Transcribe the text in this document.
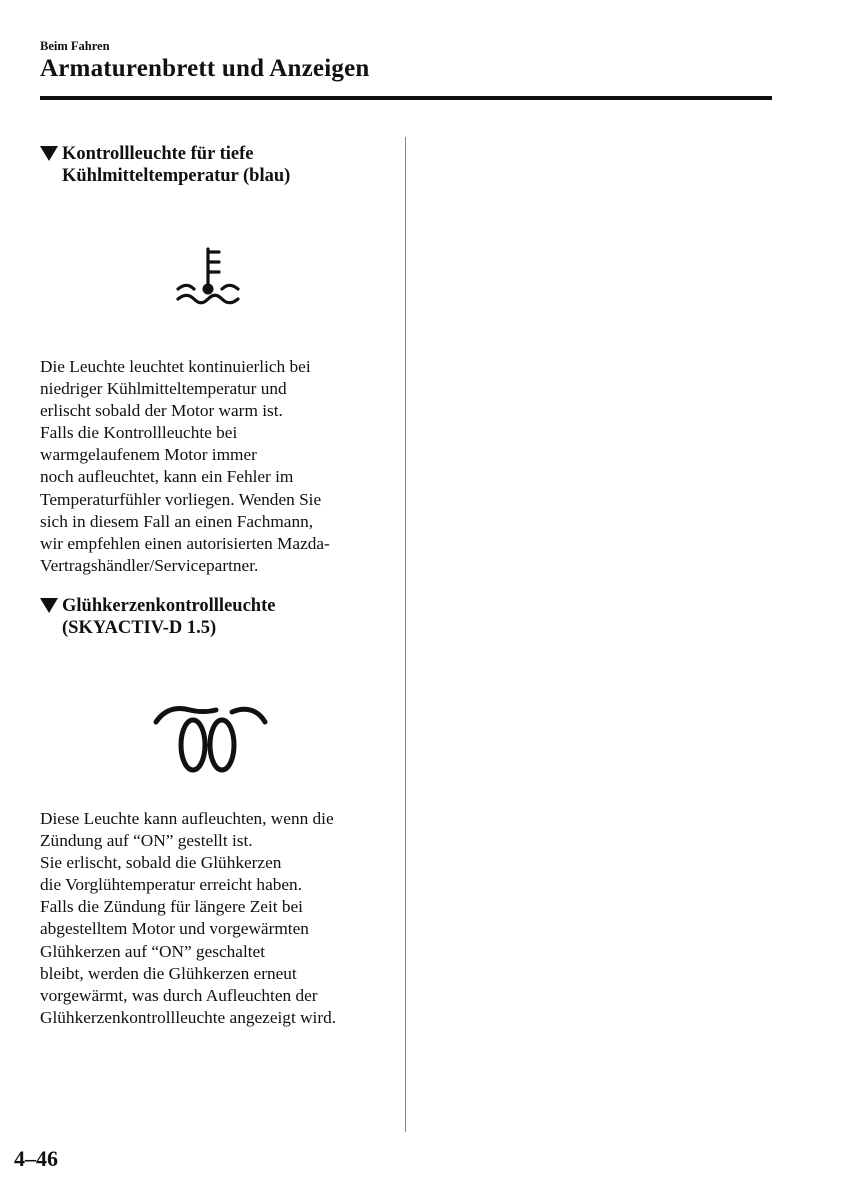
Beim Fahren
Armaturenbrett und Anzeigen
Kontrollleuchte für tiefe
Kühlmitteltemperatur (blau)
Die Leuchte leuchtet kontinuierlich bei
niedriger Kühlmitteltemperatur und
erlischt sobald der Motor warm ist.
Falls die Kontrollleuchte bei
warmgelaufenem Motor immer
noch aufleuchtet, kann ein Fehler im
Temperaturfühler vorliegen. Wenden Sie
sich in diesem Fall an einen Fachmann,
wir empfehlen einen autorisierten Mazda-
Vertragshändler/Servicepartner.
Glühkerzenkontrollleuchte
(SKYACTIV-D 1.5)
Diese Leuchte kann aufleuchten, wenn die
Zündung auf “ON” gestellt ist.
Sie erlischt, sobald die Glühkerzen
die Vorglühtemperatur erreicht haben.
Falls die Zündung für längere Zeit bei
abgestelltem Motor und vorgewärmten
Glühkerzen auf “ON” geschaltet
bleibt, werden die Glühkerzen erneut
vorgewärmt, was durch Aufleuchten der
Glühkerzenkontrollleuchte angezeigt wird.
4–46
